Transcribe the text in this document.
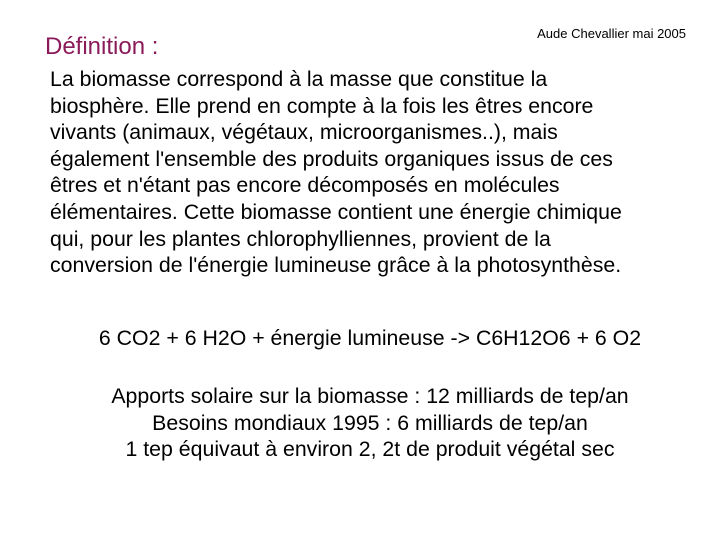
Définition :	Aude Chevallier mai 2005

La biomasse correspond à la masse que constitue la
biosphère. Elle prend en compte à la fois les êtres encore
vivants (animaux, végétaux, microorganismes..), mais
également l'ensemble des produits organiques issus de ces
êtres et n'étant pas encore décomposés en molécules
élémentaires. Cette biomasse contient une énergie chimique
qui, pour les plantes chlorophylliennes, provient de la
conversion de l'énergie lumineuse grâce à la photosynthèse.

6 CO2 + 6 H2O + énergie lumineuse -> C6H12O6 + 6 O2
Apports solaire sur la biomasse : 12 milliards de tep/an
Besoins mondiaux 1995 : 6 milliards de tep/an
1 tep équivaut à environ 2, 2t de produit végétal sec
